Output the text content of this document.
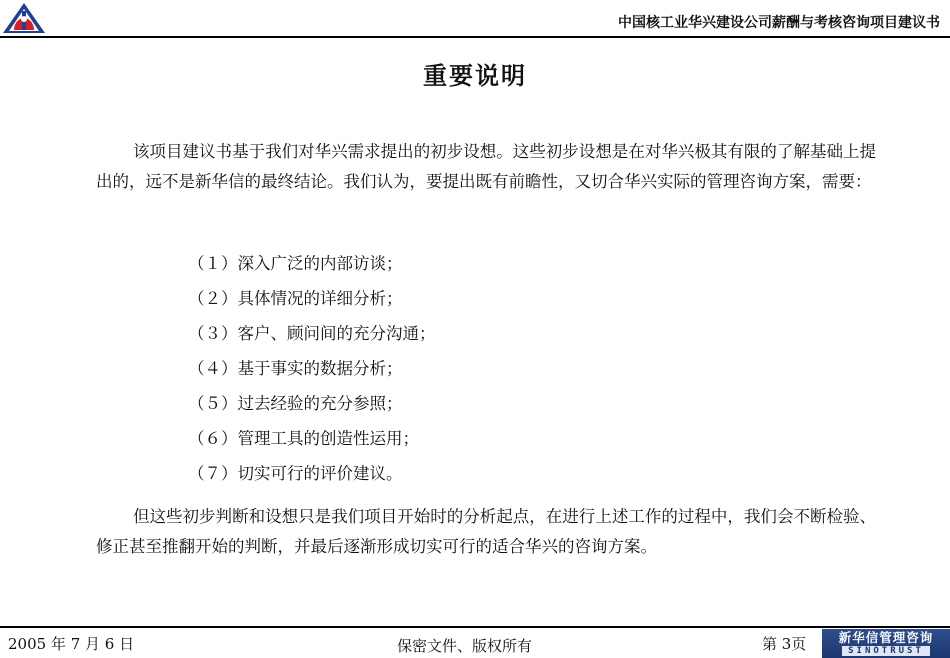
中国核工业华兴建设公司薪酬与考核咨询项目建议书
重要说明
该项目建议书基于我们对华兴需求提出的初步设想。这些初步设想是在对华兴极其有限的了解基础上提出的，远不是新华信的最终结论。我们认为，要提出既有前瞻性，又切合华兴实际的管理咨询方案，需要：
（１）深入广泛的内部访谈；
（２）具体情况的详细分析；
（３）客户、顾问间的充分沟通；
（４）基于事实的数据分析；
（５）过去经验的充分参照；
（６）管理工具的创造性运用；
（７）切实可行的评价建议。
但这些初步判断和设想只是我们项目开始时的分析起点，在进行上述工作的过程中，我们会不断检验、修正甚至推翻开始的判断，并最后逐渐形成切实可行的适合华兴的咨询方案。
2005 年 7 月 6 日	保密文件、版权所有	第 3页	新华信管理咨询
SINOTRUST
